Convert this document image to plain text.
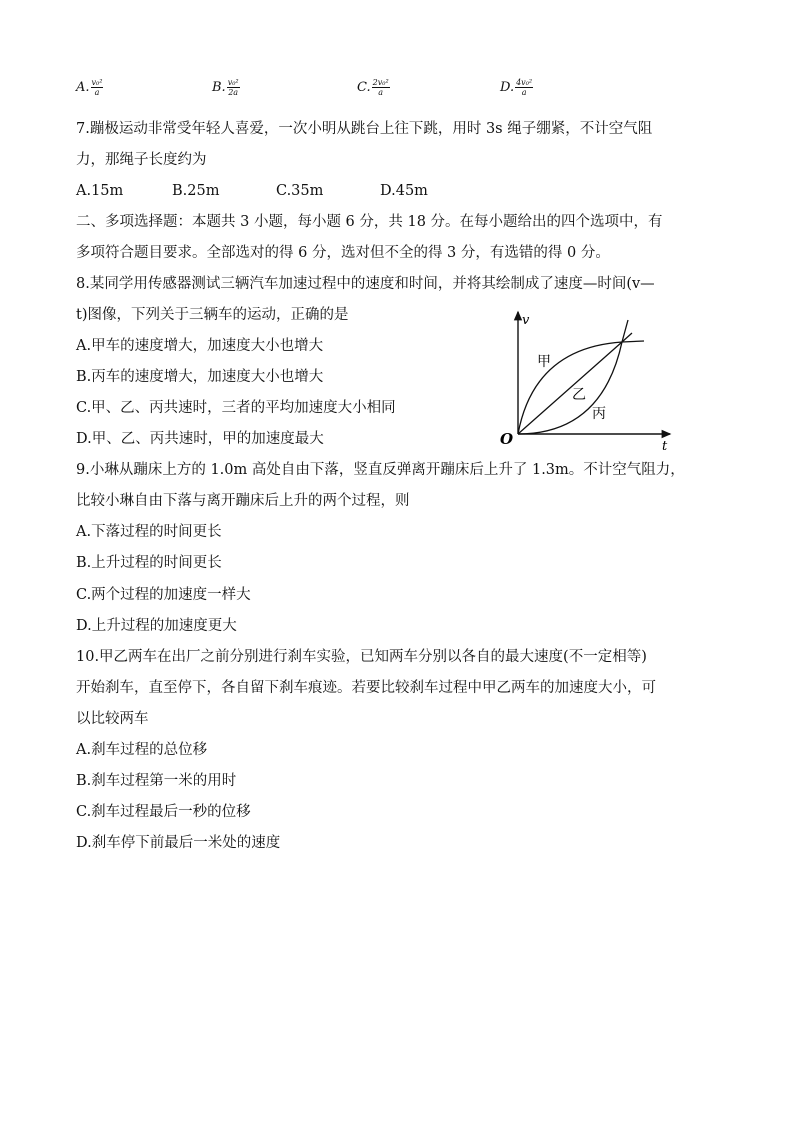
A. $\frac{\text{v₀²}}{a}$	B. $\frac{\text{v₀²}}{2a}$	C. $\frac{\text{2v₀²}}{a}$	D. $\frac{\text{4v₀²}}{a}$
7.蹦极运动非常受年轻人喜爱，一次小明从跳台上往下跳，用时 3s 绳子绷紧，不计空气阻
力，那绳子长度约为
A.15m	B.25m	C.35m	D.45m
二、多项选择题：本题共 3 小题，每小题 6 分，共 18 分。在每小题给出的四个选项中，有
多项符合题目要求。全部选对的得 6 分，选对但不全的得 3 分，有选错的得 0 分。
8.某同学用传感器测试三辆汽车加速过程中的速度和时间，并将其绘制成了速度—时间(v—
t)图像，下列关于三辆车的运动，正确的是
A.甲车的速度增大，加速度大小也增大
B.丙车的速度增大，加速度大小也增大
C.甲、乙、丙共速时，三者的平均加速度大小相同
D.甲、乙、丙共速时，甲的加速度最大
v
t
O
甲
乙
丙
9.小琳从蹦床上方的 1.0m 高处自由下落，竖直反弹离开蹦床后上升了 1.3m。不计空气阻力，
比较小琳自由下落与离开蹦床后上升的两个过程，则
A.下落过程的时间更长
B.上升过程的时间更长
C.两个过程的加速度一样大
D.上升过程的加速度更大
10.甲乙两车在出厂之前分别进行刹车实验，已知两车分别以各自的最大速度(不一定相等)
开始刹车，直至停下，各自留下刹车痕迹。若要比较刹车过程中甲乙两车的加速度大小，可
以比较两车
A.刹车过程的总位移
B.刹车过程第一米的用时
C.刹车过程最后一秒的位移
D.刹车停下前最后一米处的速度
